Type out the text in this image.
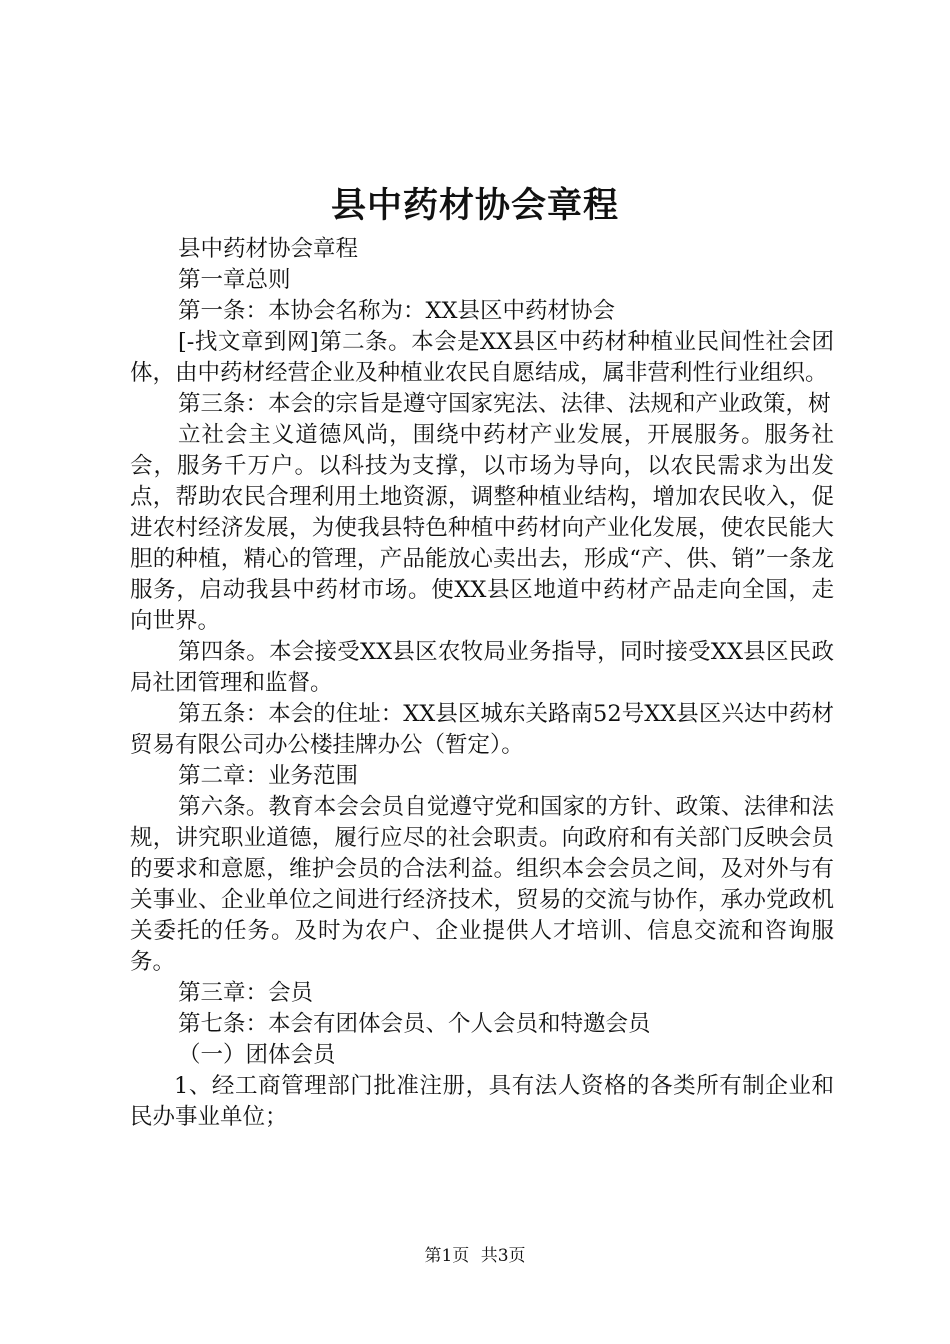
县中药材协会章程

县中药材协会章程

第一章总则

第一条：本协会名称为：XX县区中药材协会

[-找文章到网]第二条。本会是XX县区中药材种植业民间性社会团体，由中药材经营企业及种植业农民自愿结成，属非营利性行业组织。

第三条：本会的宗旨是遵守国家宪法、法律、法规和产业政策，树

立社会主义道德风尚，围绕中药材产业发展，开展服务。服务社会，服务千万户。以科技为支撑，以市场为导向，以农民需求为出发点，帮助农民合理利用土地资源，调整种植业结构，增加农民收入，促进农村经济发展，为使我县特色种植中药材向产业化发展，使农民能大胆的种植，精心的管理，产品能放心卖出去，形成“产、供、销”一条龙服务，启动我县中药材市场。使XX县区地道中药材产品走向全国，走向世界。

第四条。本会接受XX县区农牧局业务指导，同时接受XX县区民政局社团管理和监督。

第五条：本会的住址：XX县区城东关路南52号XX县区兴达中药材贸易有限公司办公楼挂牌办公（暂定）。

第二章：业务范围

第六条。教育本会会员自觉遵守党和国家的方针、政策、法律和法规，讲究职业道德，履行应尽的社会职责。向政府和有关部门反映会员的要求和意愿，维护会员的合法利益。组织本会会员之间，及对外与有关事业、企业单位之间进行经济技术，贸易的交流与协作，承办党政机关委托的任务。及时为农户、企业提供人才培训、信息交流和咨询服务。

第三章：会员

第七条：本会有团体会员、个人会员和特邀会员

（一）团体会员

1、经工商管理部门批准注册，具有法人资格的各类所有制企业和民办事业单位；

第1页 共3页
